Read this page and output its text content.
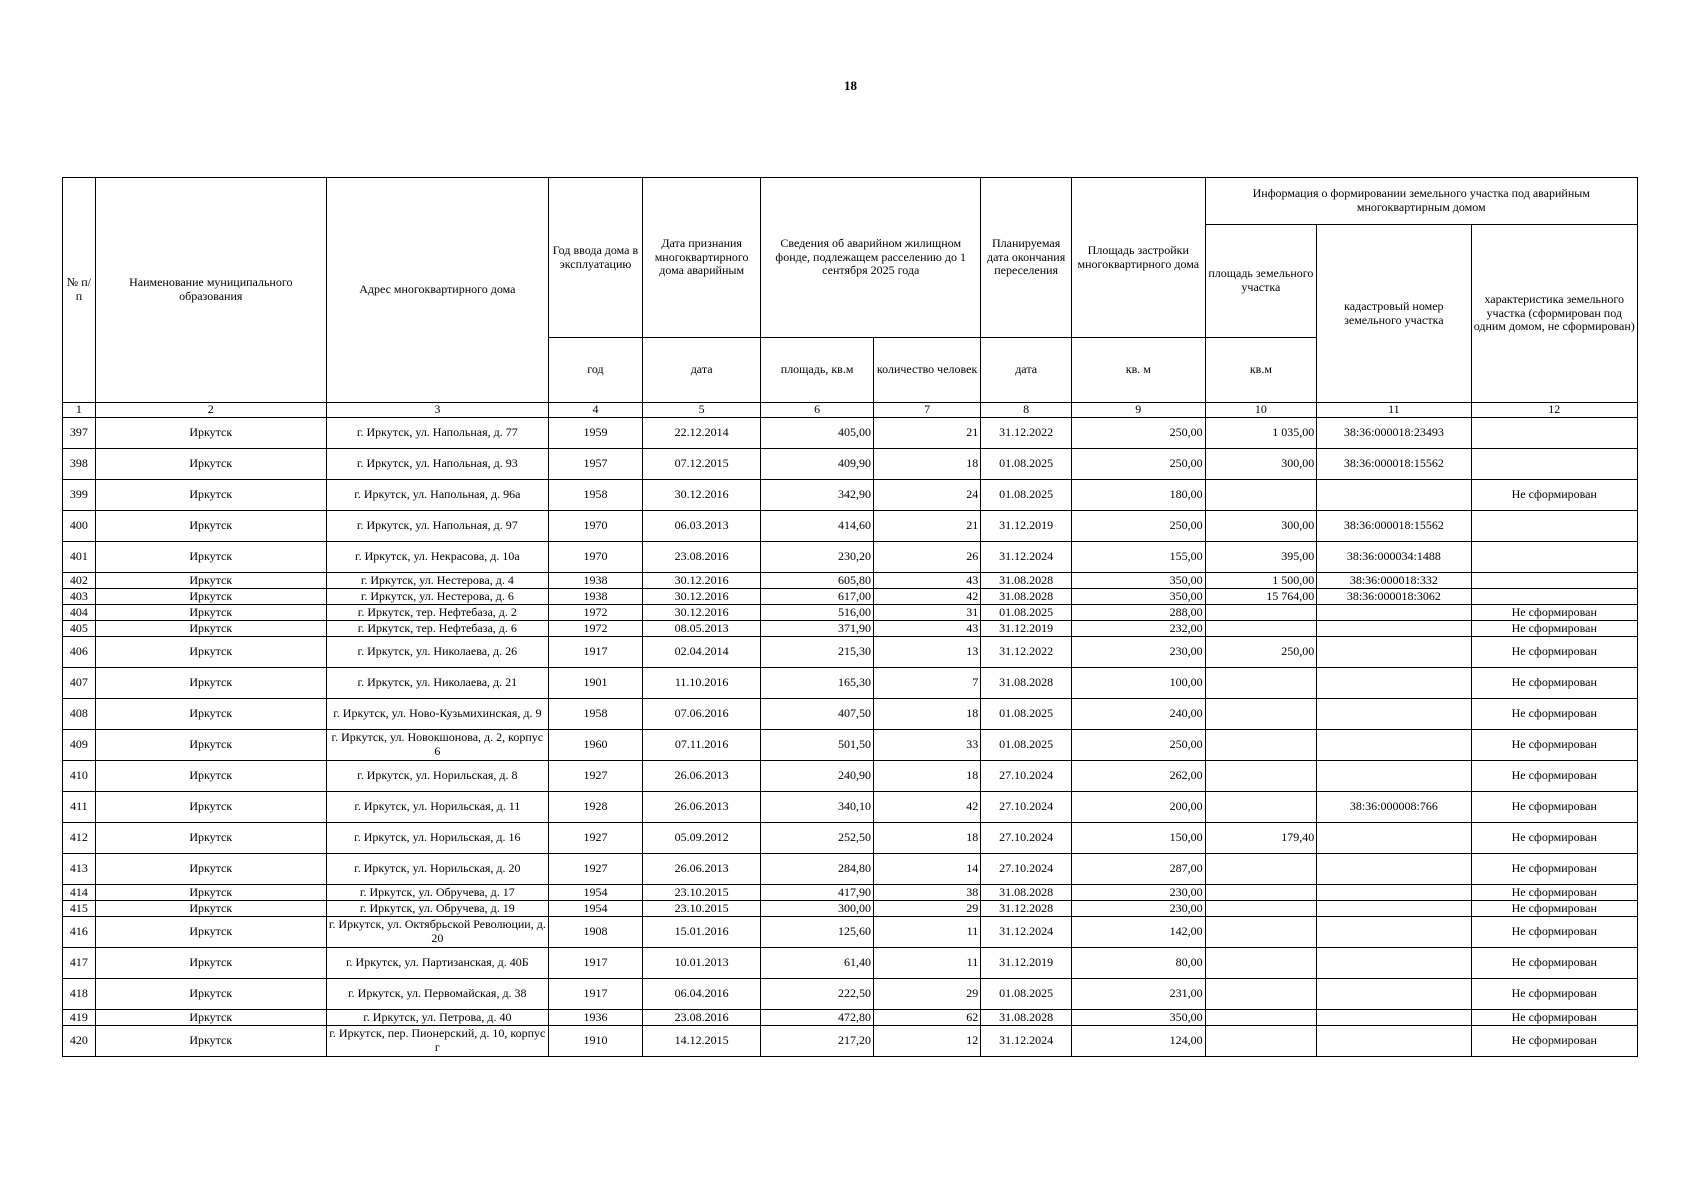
18
№ п/п	Наименование муниципального образования	Адрес многоквартирного дома	Год ввода дома в эксплуатацию	Дата признания многоквартирного дома аварийным	Сведения об аварийном жилищном фонде, подлежащем расселению до 1 сентября 2025 года		Планируемая дата окончания переселения	Площадь застройки многоквартирного дома	Информация о формировании земельного участка под аварийным многоквартирным домом		
									площадь земельного участка	кадастровый номер земельного участка	характеристика земельного участка (сформирован под одним домом, не сформирован)
			год	дата	площадь, кв.м	количество человек	дата	кв. м	кв.м		
1	2	3	4	5	6	7	8	9	10	11	12
397	Иркутск	г. Иркутск, ул. Напольная, д. 77	1959	22.12.2014	405,00	21	31.12.2022	250,00	1 035,00	38:36:000018:23493	
398	Иркутск	г. Иркутск, ул. Напольная, д. 93	1957	07.12.2015	409,90	18	01.08.2025	250,00	300,00	38:36:000018:15562	
399	Иркутск	г. Иркутск, ул. Напольная, д. 96а	1958	30.12.2016	342,90	24	01.08.2025	180,00			Не сформирован
400	Иркутск	г. Иркутск, ул. Напольная, д. 97	1970	06.03.2013	414,60	21	31.12.2019	250,00	300,00	38:36:000018:15562	
401	Иркутск	г. Иркутск, ул. Некрасова, д. 10а	1970	23.08.2016	230,20	26	31.12.2024	155,00	395,00	38:36:000034:1488	
402	Иркутск	г. Иркутск, ул. Нестерова, д. 4	1938	30.12.2016	605,80	43	31.08.2028	350,00	1 500,00	38:36:000018:332	
403	Иркутск	г. Иркутск, ул. Нестерова, д. 6	1938	30.12.2016	617,00	42	31.08.2028	350,00	15 764,00	38:36:000018:3062	
404	Иркутск	г. Иркутск, тер. Нефтебаза, д. 2	1972	30.12.2016	516,00	31	01.08.2025	288,00			Не сформирован
405	Иркутск	г. Иркутск, тер. Нефтебаза, д. 6	1972	08.05.2013	371,90	43	31.12.2019	232,00			Не сформирован
406	Иркутск	г. Иркутск, ул. Николаева, д. 26	1917	02.04.2014	215,30	13	31.12.2022	230,00	250,00		Не сформирован
407	Иркутск	г. Иркутск, ул. Николаева, д. 21	1901	11.10.2016	165,30	7	31.08.2028	100,00			Не сформирован
408	Иркутск	г. Иркутск, ул. Ново-Кузьмихинская, д. 9	1958	07.06.2016	407,50	18	01.08.2025	240,00			Не сформирован
409	Иркутск	г. Иркутск, ул. Новокшонова, д. 2, корпус 6	1960	07.11.2016	501,50	33	01.08.2025	250,00			Не сформирован
410	Иркутск	г. Иркутск, ул. Норильская, д. 8	1927	26.06.2013	240,90	18	27.10.2024	262,00			Не сформирован
411	Иркутск	г. Иркутск, ул. Норильская, д. 11	1928	26.06.2013	340,10	42	27.10.2024	200,00		38:36:000008:766	Не сформирован
412	Иркутск	г. Иркутск, ул. Норильская, д. 16	1927	05.09.2012	252,50	18	27.10.2024	150,00	179,40		Не сформирован
413	Иркутск	г. Иркутск, ул. Норильская, д. 20	1927	26.06.2013	284,80	14	27.10.2024	287,00			Не сформирован
414	Иркутск	г. Иркутск, ул. Обручева, д. 17	1954	23.10.2015	417,90	38	31.08.2028	230,00			Не сформирован
415	Иркутск	г. Иркутск, ул. Обручева, д. 19	1954	23.10.2015	300,00	29	31.12.2028	230,00			Не сформирован
416	Иркутск	г. Иркутск, ул. Октябрьской Революции, д. 20	1908	15.01.2016	125,60	11	31.12.2024	142,00			Не сформирован
417	Иркутск	г. Иркутск, ул. Партизанская, д. 40Б	1917	10.01.2013	61,40	11	31.12.2019	80,00			Не сформирован
418	Иркутск	г. Иркутск, ул. Первомайская, д. 38	1917	06.04.2016	222,50	29	01.08.2025	231,00			Не сформирован
419	Иркутск	г. Иркутск, ул. Петрова, д. 40	1936	23.08.2016	472,80	62	31.08.2028	350,00			Не сформирован
420	Иркутск	г. Иркутск, пер. Пионерский, д. 10, корпус г	1910	14.12.2015	217,20	12	31.12.2024	124,00			Не сформирован
